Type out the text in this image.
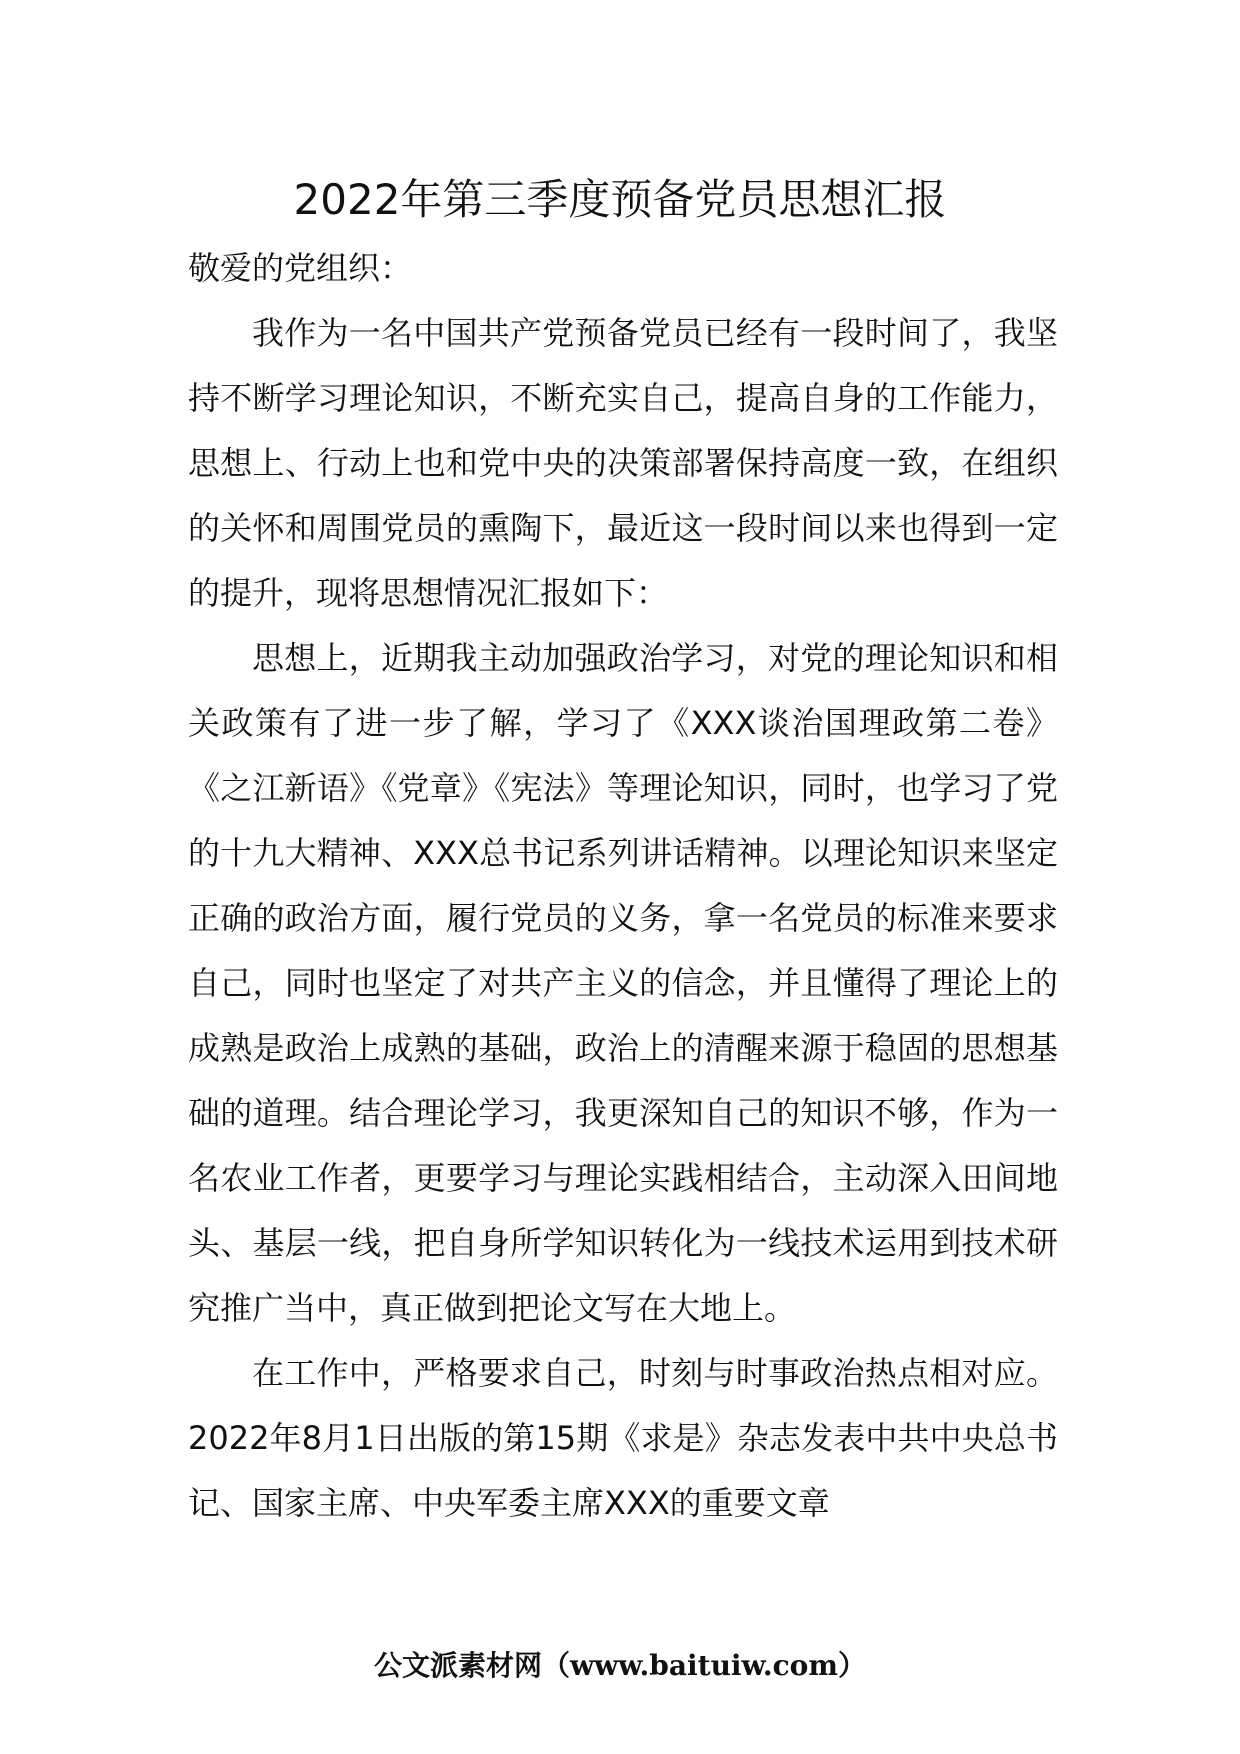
2022年第三季度预备党员思想汇报

敬爱的党组织：

我作为一名中国共产党预备党员已经有一段时间了，我坚持不断学习理论知识，不断充实自己，提高自身的工作能力，思想上、行动上也和党中央的决策部署保持高度一致，在组织的关怀和周围党员的熏陶下，最近这一段时间以来也得到一定的提升，现将思想情况汇报如下：

思想上，近期我主动加强政治学习，对党的理论知识和相关政策有了进一步了解，学习了《XXX谈治国理政第二卷》《之江新语》《党章》《宪法》等理论知识，同时，也学习了党的十九大精神、XXX总书记系列讲话精神。以理论知识来坚定正确的政治方面，履行党员的义务，拿一名党员的标准来要求自己，同时也坚定了对共产主义的信念，并且懂得了理论上的成熟是政治上成熟的基础，政治上的清醒来源于稳固的思想基础的道理。结合理论学习，我更深知自己的知识不够，作为一名农业工作者，更要学习与理论实践相结合，主动深入田间地头、基层一线，把自身所学知识转化为一线技术运用到技术研究推广当中，真正做到把论文写在大地上。

在工作中，严格要求自己，时刻与时事政治热点相对应。2022年8月1日出版的第15期《求是》杂志发表中共中央总书记、国家主席、中央军委主席XXX的重要文章

公文派素材网（www.baituiw.com）
